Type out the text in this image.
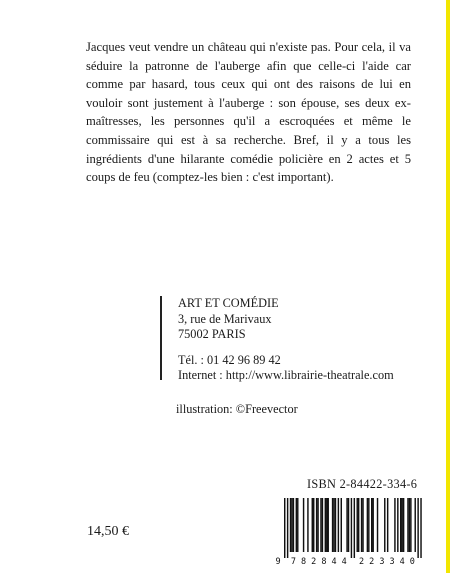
Jacques veut vendre un château qui n'existe pas. Pour cela, il va séduire la patronne de l'auberge afin que celle-ci l'aide car comme par hasard, tous ceux qui ont des raisons de lui en vouloir sont justement à l'auberge : son épouse, ses deux ex-maîtresses, les personnes qu'il a escroquées et même le commissaire qui est à sa recherche. Bref, il y a tous les ingrédients d'une hilarante comédie policière en 2 actes et 5 coups de feu (comptez-les bien : c'est important).

ART ET COMÉDIE
3, rue de Marivaux
75002 PARIS
Tél. : 01 42 96 89 42
Internet : http://www.librairie-theatrale.com
illustration: ©Freevector
ISBN 2-84422-334-6
14,50 €
9 7 8 2 8 4 4 2 2 3 3 4 0
